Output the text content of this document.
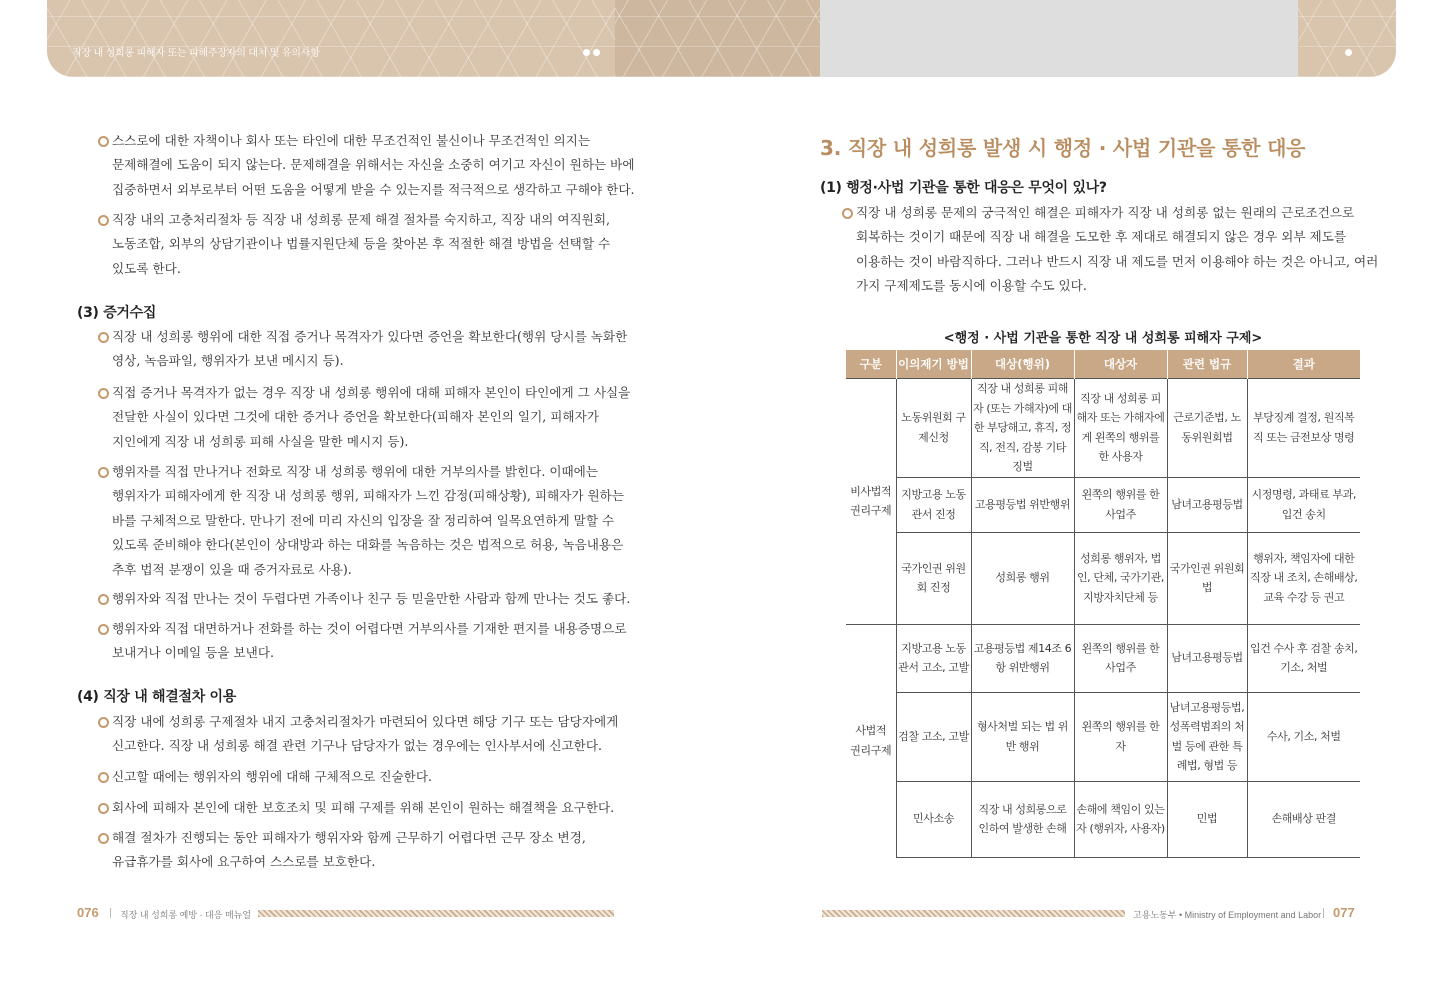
직장 내 성희롱 피해자 또는 피해주장자의 대처 및 유의사항
3. 직장 내 성희롱 발생 시 행정 · 사법 기관을 통한 대응
(1) 행정·사법 기관을 통한 대응은 무엇이 있나?
<행정 · 사법 기관을 통한 직장 내 성희롱 피해자 구제>
구분	이의제기 방법	대상(행위)	대상자	관련 법규	결과
비사법적 권리구제	노동위원회 구제신청	직장 내 성희롱 피해자 (또는 가해자)에 대한 부당해고, 휴직, 정직, 전직, 감봉 기타 징벌	직장 내 성희롱 피해자 또는 가해자에게 왼쪽의 행위를 한 사용자	근로기준법, 노동위원회법	부당징계 결정, 원직복직 또는 금전보상 명령
	지방고용 노동관서 진정	고용평등법 위반행위	왼쪽의 행위를 한 사업주	남녀고용평등법	시정명령, 과태료 부과, 입건 송치
	국가인권 위원회 진정	성희롱 행위	성희롱 행위자, 법인, 단체, 국가기관, 지방자치단체 등	국가인권 위원회법	행위자, 책임자에 대한 직장 내 조치, 손해배상, 교육 수강 등 권고
사법적 권리구제	지방고용 노동관서 고소, 고발	고용평등법 제14조 6항 위반행위	왼쪽의 행위를 한 사업주	남녀고용평등법	입건 수사 후 검찰 송치, 기소, 처벌
	검찰 고소, 고발	형사처벌 되는 법 위반 행위	왼쪽의 행위를 한 자	남녀고용평등법, 성폭력범죄의 처벌 등에 관한 특례법, 형법 등	수사, 기소, 처벌
	민사소송	직장 내 성희롱으로 인하여 발생한 손해	손해에 책임이 있는 자 (행위자, 사용자)	민법	손해배상 판결
076 직장 내 성희롱 예방 · 대응 매뉴얼	고용노동부 • Ministry of Employment and Labor 077
스스로에 대한 자책이나 회사 또는 타인에 대한 무조건적인 불신이나 무조건적인 의지는
문제해결에 도움이 되지 않는다. 문제해결을 위해서는 자신을 소중히 여기고 자신이 원하는 바에
집중하면서 외부로부터 어떤 도움을 어떻게 받을 수 있는지를 적극적으로 생각하고 구해야 한다.
직장 내의 고충처리절차 등 직장 내 성희롱 문제 해결 절차를 숙지하고, 직장 내의 여직원회,
노동조합, 외부의 상담기관이나 법률지원단체 등을 찾아본 후 적절한 해결 방법을 선택할 수
있도록 한다.
(3) 증거수집
직장 내 성희롱 행위에 대한 직접 증거나 목격자가 있다면 증언을 확보한다(행위 당시를 녹화한
영상, 녹음파일, 행위자가 보낸 메시지 등).
직접 증거나 목격자가 없는 경우 직장 내 성희롱 행위에 대해 피해자 본인이 타인에게 그 사실을
전달한 사실이 있다면 그것에 대한 증거나 증언을 확보한다(피해자 본인의 일기, 피해자가
지인에게 직장 내 성희롱 피해 사실을 말한 메시지 등).
행위자를 직접 만나거나 전화로 직장 내 성희롱 행위에 대한 거부의사를 밝힌다. 이때에는
행위자가 피해자에게 한 직장 내 성희롱 행위, 피해자가 느낀 감정(피해상황), 피해자가 원하는
바를 구체적으로 말한다. 만나기 전에 미리 자신의 입장을 잘 정리하여 일목요연하게 말할 수
있도록 준비해야 한다(본인이 상대방과 하는 대화를 녹음하는 것은 법적으로 허용, 녹음내용은
추후 법적 분쟁이 있을 때 증거자료로 사용).
행위자와 직접 만나는 것이 두렵다면 가족이나 친구 등 믿을만한 사람과 함께 만나는 것도 좋다.
행위자와 직접 대면하거나 전화를 하는 것이 어렵다면 거부의사를 기재한 편지를 내용증명으로
보내거나 이메일 등을 보낸다.
(4) 직장 내 해결절차 이용
직장 내에 성희롱 구제절차 내지 고충처리절차가 마련되어 있다면 해당 기구 또는 담당자에게
신고한다. 직장 내 성희롱 해결 관련 기구나 담당자가 없는 경우에는 인사부서에 신고한다.
신고할 때에는 행위자의 행위에 대해 구체적으로 진술한다.
회사에 피해자 본인에 대한 보호조치 및 피해 구제를 위해 본인이 원하는 해결책을 요구한다.
해결 절차가 진행되는 동안 피해자가 행위자와 함께 근무하기 어렵다면 근무 장소 변경,
유급휴가를 회사에 요구하여 스스로를 보호한다.
직장 내 성희롱 문제의 궁극적인 해결은 피해자가 직장 내 성희롱 없는 원래의 근로조건으로
회복하는 것이기 때문에 직장 내 해결을 도모한 후 제대로 해결되지 않은 경우 외부 제도를
이용하는 것이 바람직하다. 그러나 반드시 직장 내 제도를 먼저 이용해야 하는 것은 아니고, 여러
가지 구제제도를 동시에 이용할 수도 있다.
